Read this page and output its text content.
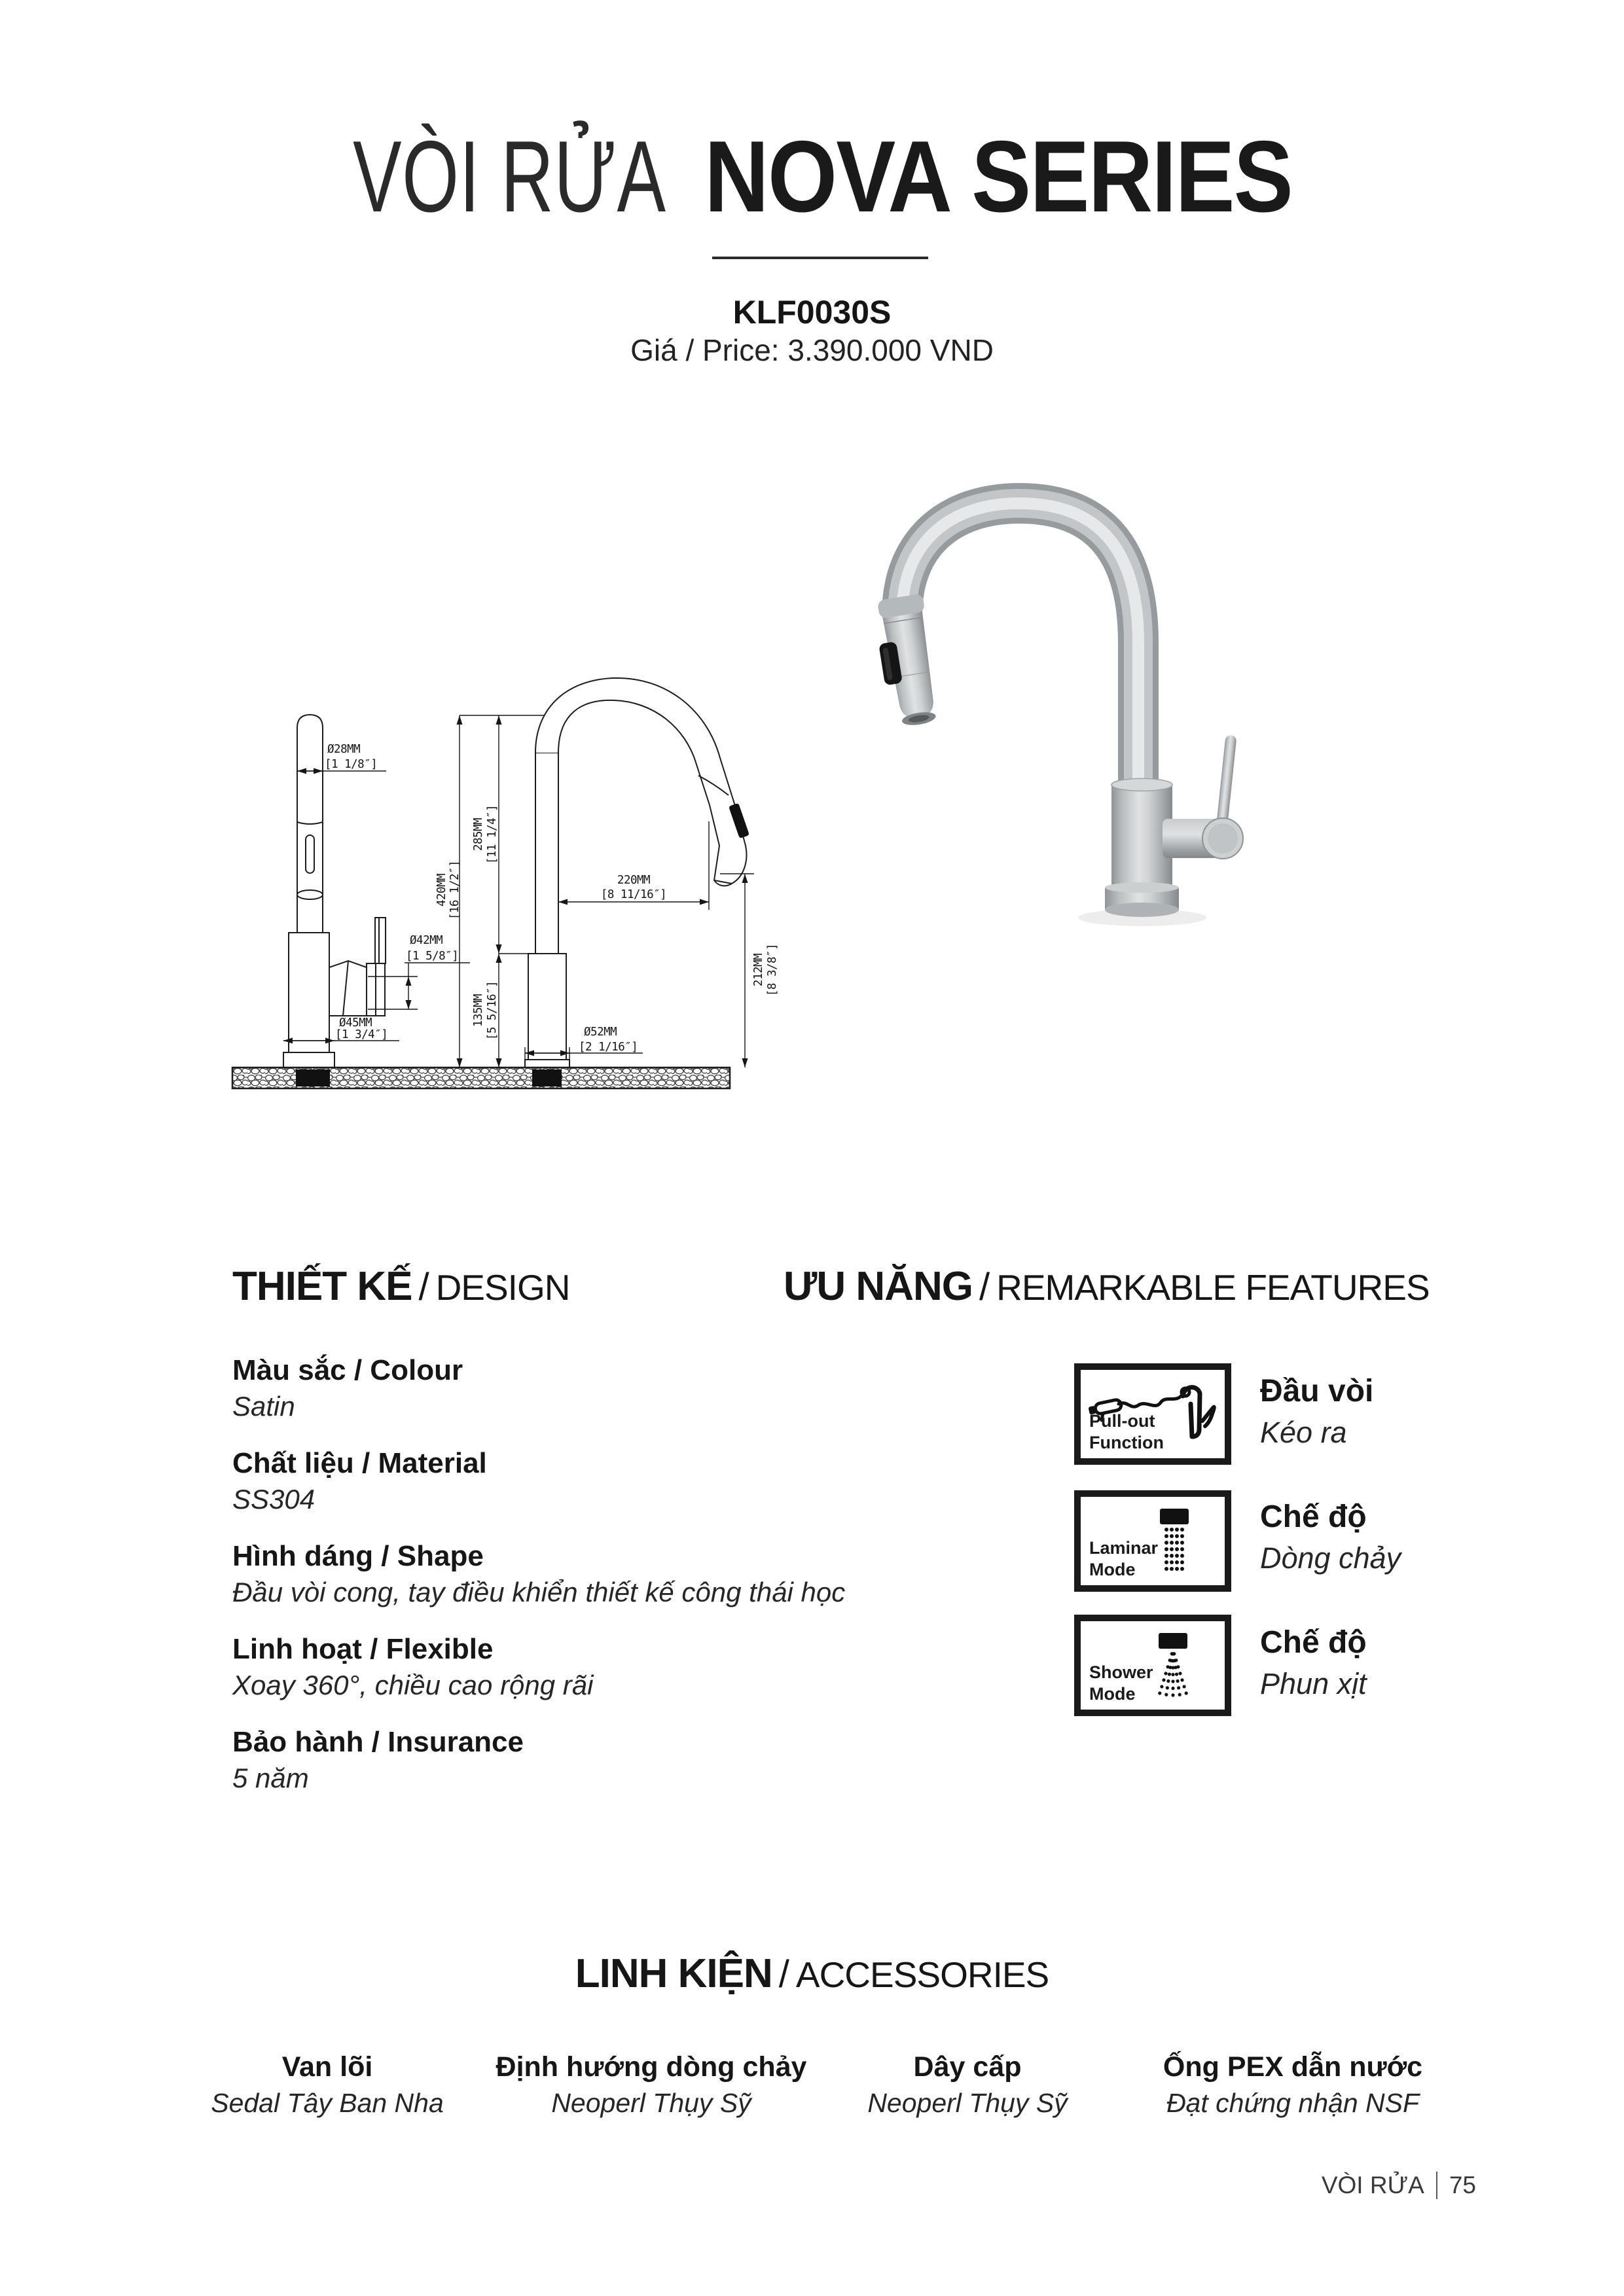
VÒI RỬA NOVA SERIES
KLF0030S
Giá / Price: 3.390.000 VND
Ø28MM
[1 1/8″]
Ø42MM
[1 5/8″]
Ø45MM
[1 3/4″]	Ø52MM
[2 1/16″]
420MM [16 1/2″]
285MM [11 1/4″]
135MM [5 5/16″]
220MM
[8 11/16″]
212MM [8 3/8″]
THIẾT KẾ / DESIGN
Màu sắc / Colour
Satin
Chất liệu / Material
SS304
Hình dáng / Shape
Đầu vòi cong, tay điều khiển thiết kế công thái học
Linh hoạt / Flexible
Xoay 360°, chiều cao rộng rãi
Bảo hành / Insurance
5 năm
ƯU NĂNG / REMARKABLE FEATURES
Pull-out
Function
Đầu vòi
Kéo ra
Laminar
Mode
Chế độ
Dòng chảy
Shower
Mode
Chế độ
Phun xịt
LINH KIỆN / ACCESSORIES
Van lõi
Sedal Tây Ban Nha
Định hướng dòng chảy
Neoperl Thụy Sỹ
Dây cấp
Neoperl Thụy Sỹ
Ống PEX dẫn nước
Đạt chứng nhận NSF
VÒI RỬA 75
